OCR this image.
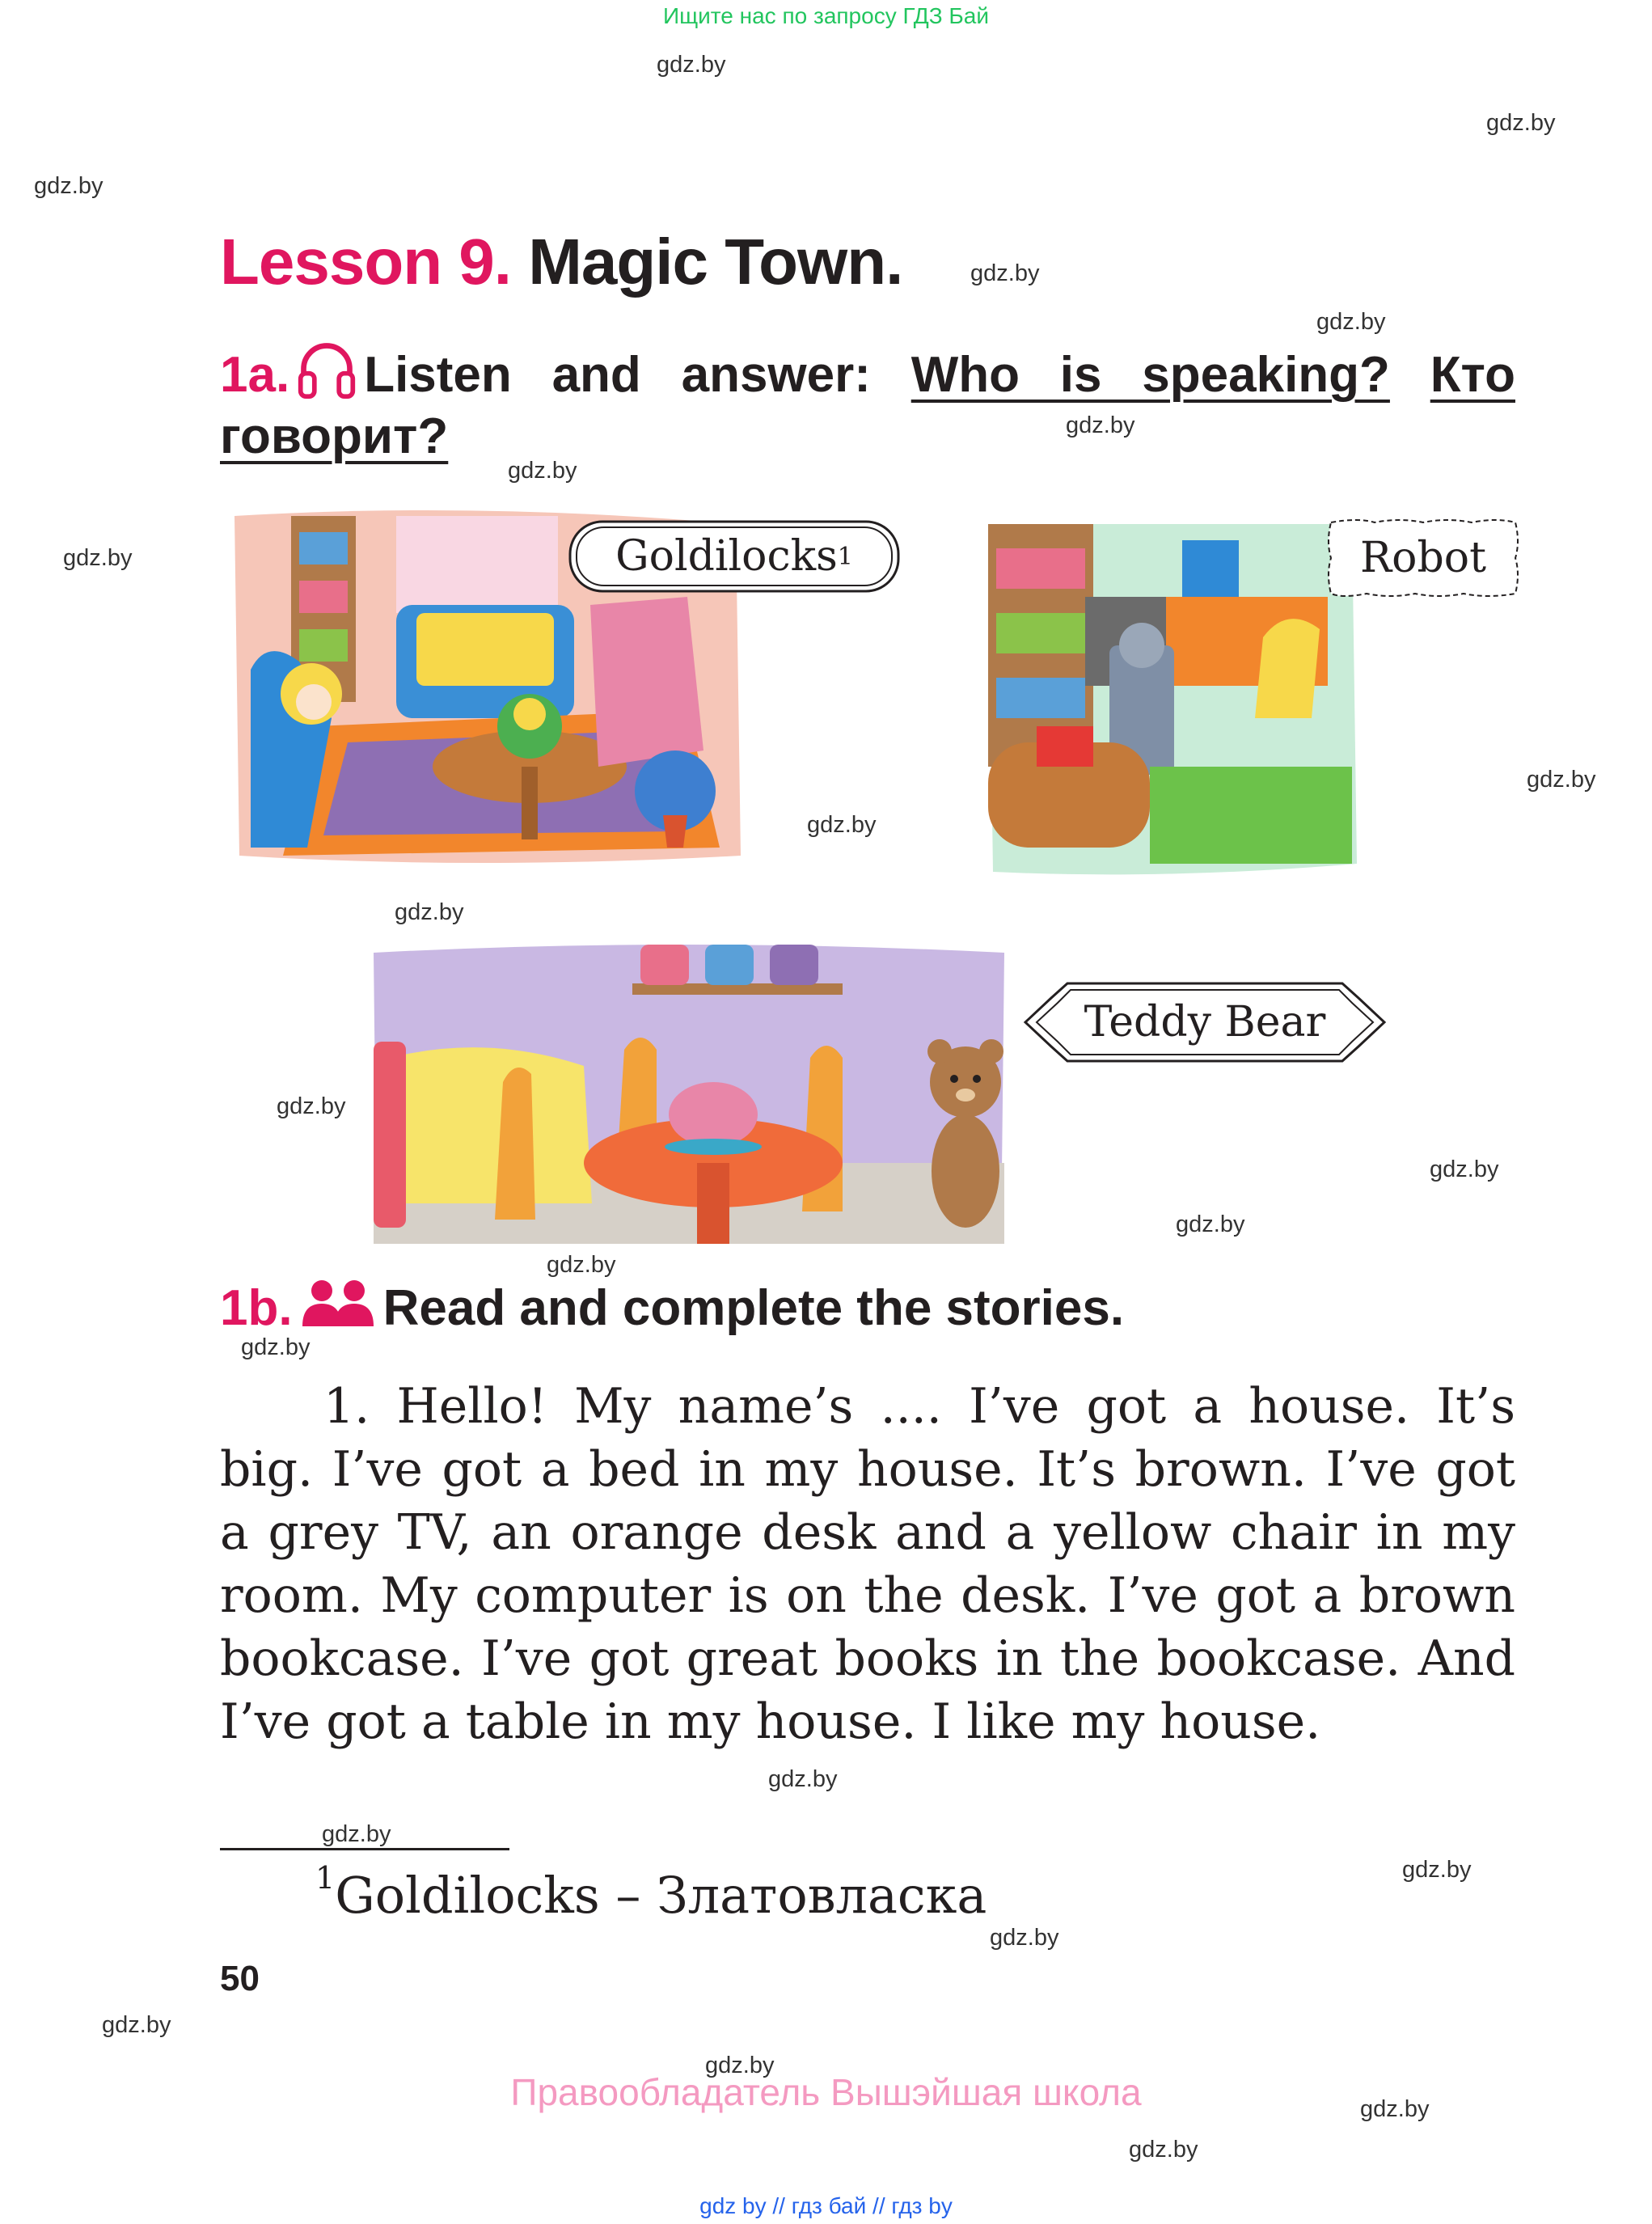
Ищите нас по запросу ГДЗ Бай
gdz.by
gdz.by
gdz.by
gdz.by
gdz.by
gdz.by
gdz.by
gdz.by
gdz.by
gdz.by
gdz.by
gdz.by
gdz.by
gdz.by
gdz.by
gdz.by
gdz.by
gdz.by
gdz.by
gdz.by
gdz.by
gdz.by
gdz.by
gdz.by
Lesson 9. Magic Town.
1a. Listen and answer: Who is speaking? Кто говорит?
Goldilocks 1	Robot
Teddy Bear
1b. Read and complete the stories.

1. Hello! My name’s .... I’ve got a house. It’s big. I’ve got a bed in my house. It’s brown. I’ve got a grey TV, an orange desk and a yellow chair in my room. My computer is on the desk. I’ve got a brown bookcase. I’ve got great books in the bookcase. And I’ve got a table in my house. I like my house.

$^1$Goldilocks – Златовласка
50
Правообладатель Вышэйшая школа
gdz by // гдз бай // гдз by
